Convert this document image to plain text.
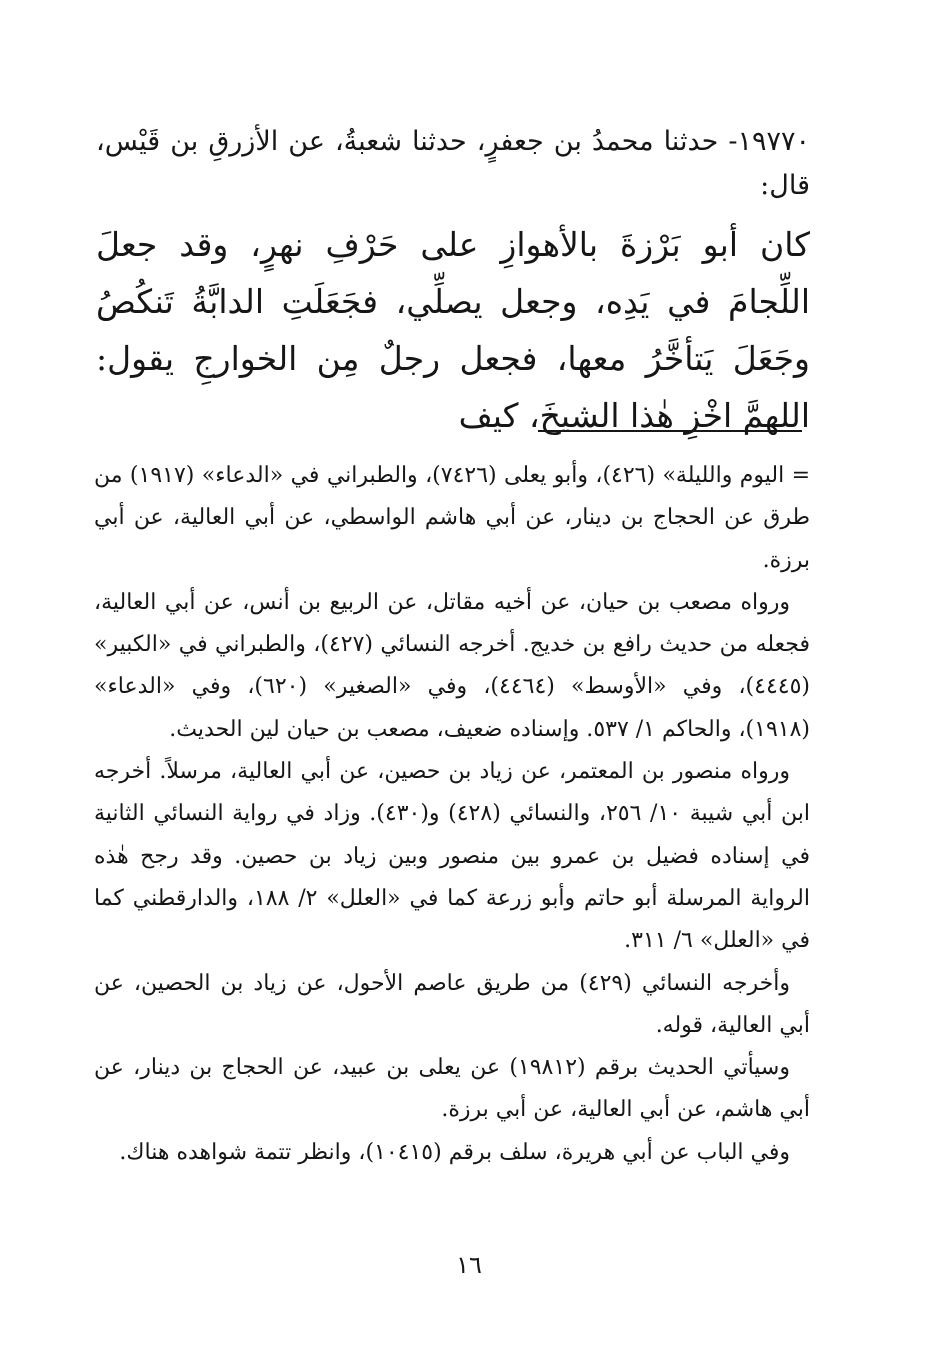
١٩٧٧٠- حدثنا محمدُ بن جعفرٍ، حدثنا شعبةُ، عن الأزرقِ بن قَيْس، قال:

كان أبو بَرْزةَ بالأهوازِ على حَرْفِ نهرٍ، وقد جعلَ اللِّجامَ في يَدِه، وجعل يصلِّي، فجَعَلَتِ الدابَّةُ تَنكُصُ وجَعَلَ يَتأخَّرُ معها، فجعل رجلٌ مِن الخوارجِ يقول: اللهمَّ اخْزِ هٰذا الشيخَ، كيف

= اليوم والليلة» (٤٢٦)، وأبو يعلى (٧٤٢٦)، والطبراني في «الدعاء» (١٩١٧) من طرق عن الحجاج بن دينار، عن أبي هاشم الواسطي، عن أبي العالية، عن أبي برزة.

ورواه مصعب بن حيان، عن أخيه مقاتل، عن الربيع بن أنس، عن أبي العالية، فجعله من حديث رافع بن خديج. أخرجه النسائي (٤٢٧)، والطبراني في «الكبير» (٤٤٤٥)، وفي «الأوسط» (٤٤٦٤)، وفي «الصغير» (٦٢٠)، وفي «الدعاء» (١٩١٨)، والحاكم ١/ ٥٣٧. وإسناده ضعيف، مصعب بن حيان لين الحديث.

ورواه منصور بن المعتمر، عن زياد بن حصين، عن أبي العالية، مرسلاً. أخرجه ابن أبي شيبة ١٠/ ٢٥٦، والنسائي (٤٢٨) و(٤٣٠). وزاد في رواية النسائي الثانية في إسناده فضيل بن عمرو بين منصور وبين زياد بن حصين. وقد رجح هٰذه الرواية المرسلة أبو حاتم وأبو زرعة كما في «العلل» ٢/ ١٨٨، والدارقطني كما في «العلل» ٦/ ٣١١.

وأخرجه النسائي (٤٢٩) من طريق عاصم الأحول، عن زياد بن الحصين، عن أبي العالية، قوله.

وسيأتي الحديث برقم (١٩٨١٢) عن يعلى بن عبيد، عن الحجاج بن دينار، عن أبي هاشم، عن أبي العالية، عن أبي برزة.

وفي الباب عن أبي هريرة، سلف برقم (١٠٤١٥)، وانظر تتمة شواهده هناك.

١٦
